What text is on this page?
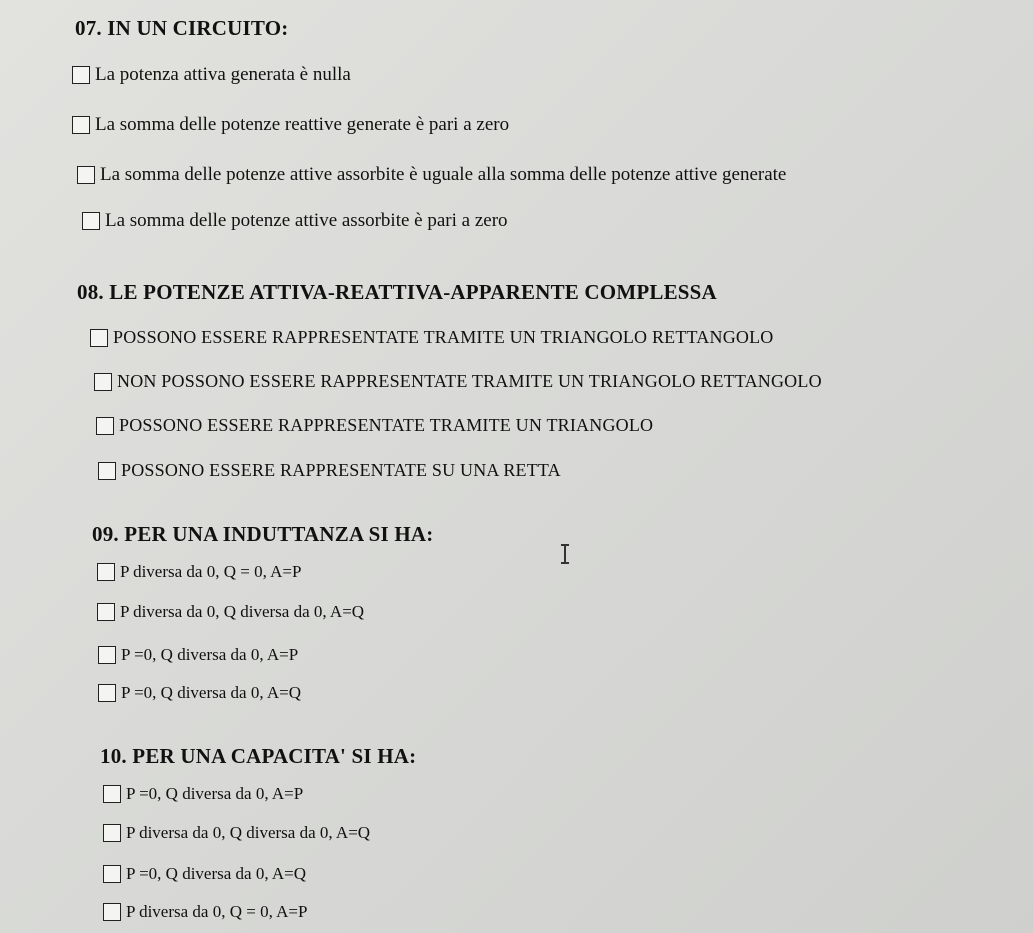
07. IN UN CIRCUITO:
La potenza attiva generata è nulla
La somma delle potenze reattive generate è pari a zero
La somma delle potenze attive assorbite è uguale alla somma delle potenze attive generate
La somma delle potenze attive assorbite è pari a zero
08. LE POTENZE ATTIVA-REATTIVA-APPARENTE COMPLESSA
POSSONO ESSERE RAPPRESENTATE TRAMITE UN TRIANGOLO RETTANGOLO
NON POSSONO ESSERE RAPPRESENTATE TRAMITE UN TRIANGOLO RETTANGOLO
POSSONO ESSERE RAPPRESENTATE TRAMITE UN TRIANGOLO
POSSONO ESSERE RAPPRESENTATE SU UNA RETTA
09. PER UNA INDUTTANZA SI HA:
P diversa da 0, Q = 0, A=P
P diversa da 0, Q diversa da 0, A=Q
P =0, Q diversa da 0, A=P
P =0, Q diversa da 0, A=Q
10. PER UNA CAPACITA' SI HA:
P =0, Q diversa da 0, A=P
P diversa da 0, Q diversa da 0, A=Q
P =0, Q diversa da 0, A=Q
P diversa da 0, Q = 0, A=P
